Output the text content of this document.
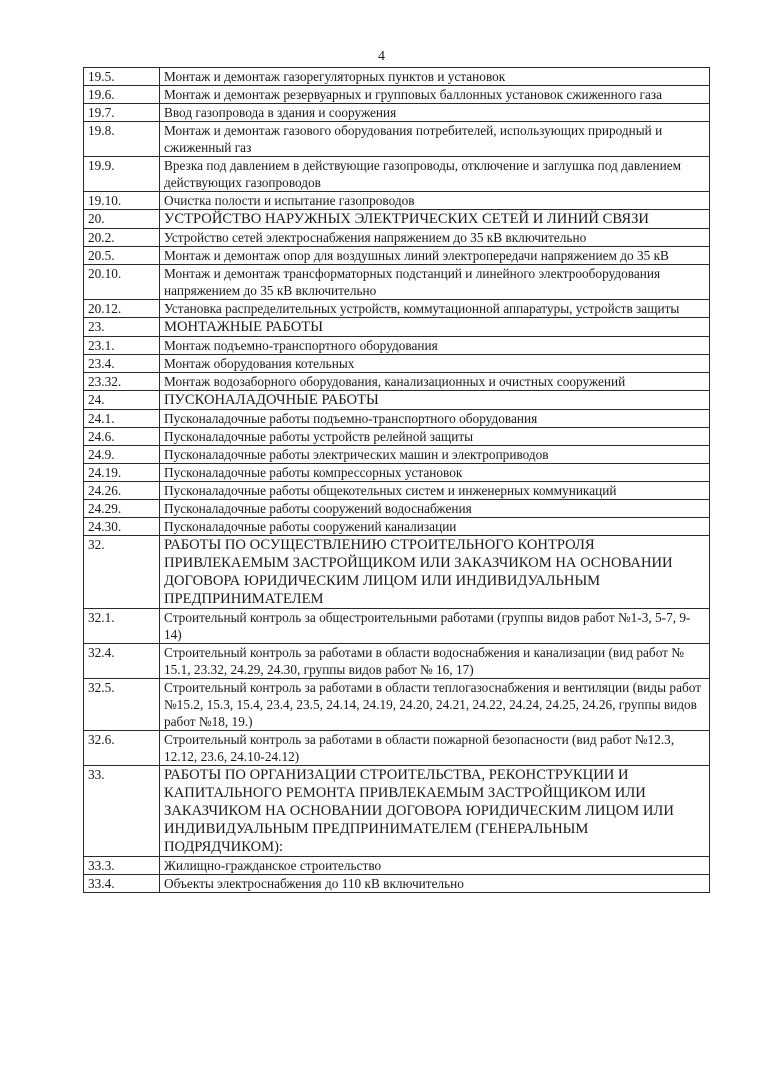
4
19.5.	Монтаж и демонтаж газорегуляторных пунктов и установок
19.6.	Монтаж и демонтаж резервуарных и групповых баллонных установок сжиженного газа
19.7.	Ввод газопровода в здания и сооружения
19.8.	Монтаж и демонтаж газового оборудования потребителей, использующих природный и сжиженный газ
19.9.	Врезка под давлением в действующие газопроводы, отключение и заглушка под давлением действующих газопроводов
19.10.	Очистка полости и испытание газопроводов
20.	УСТРОЙСТВО НАРУЖНЫХ ЭЛЕКТРИЧЕСКИХ СЕТЕЙ И ЛИНИЙ СВЯЗИ
20.2.	Устройство сетей электроснабжения напряжением до 35 кВ включительно
20.5.	Монтаж и демонтаж опор для воздушных линий электропередачи напряжением до 35 кВ
20.10.	Монтаж и демонтаж трансформаторных подстанций и линейного электрооборудования напряжением до 35 кВ включительно
20.12.	Установка распределительных устройств, коммутационной аппаратуры, устройств защиты
23.	МОНТАЖНЫЕ РАБОТЫ
23.1.	Монтаж подъемно-транспортного оборудования
23.4.	Монтаж оборудования котельных
23.32.	Монтаж водозаборного оборудования, канализационных и очистных сооружений
24.	ПУСКОНАЛАДОЧНЫЕ РАБОТЫ
24.1.	Пусконаладочные работы подъемно-транспортного оборудования
24.6.	Пусконаладочные работы устройств релейной защиты
24.9.	Пусконаладочные работы электрических машин и электроприводов
24.19.	Пусконаладочные работы компрессорных установок
24.26.	Пусконаладочные работы общекотельных систем и инженерных коммуникаций
24.29.	Пусконаладочные работы сооружений водоснабжения
24.30.	Пусконаладочные работы сооружений канализации
32.	РАБОТЫ ПО ОСУЩЕСТВЛЕНИЮ СТРОИТЕЛЬНОГО КОНТРОЛЯ ПРИВЛЕКАЕМЫМ ЗАСТРОЙЩИКОМ ИЛИ ЗАКАЗЧИКОМ НА ОСНОВАНИИ ДОГОВОРА ЮРИДИЧЕСКИМ ЛИЦОМ ИЛИ ИНДИВИДУАЛЬНЫМ ПРЕДПРИНИМАТЕЛЕМ
32.1.	Строительный контроль за общестроительными работами (группы видов работ №1-3, 5-7, 9-14)
32.4.	Строительный контроль за работами в области водоснабжения и канализации (вид работ № 15.1, 23.32, 24.29, 24.30, группы видов работ № 16, 17)
32.5.	Строительный контроль за работами в области теплогазоснабжения и вентиляции (виды работ №15.2, 15.3, 15.4, 23.4, 23.5, 24.14, 24.19, 24.20, 24.21, 24.22, 24.24, 24.25, 24.26, группы видов работ №18, 19.)
32.6.	Строительный контроль за работами в области пожарной безопасности (вид работ №12.3, 12.12, 23.6, 24.10-24.12)
33.	РАБОТЫ ПО ОРГАНИЗАЦИИ СТРОИТЕЛЬСТВА, РЕКОНСТРУКЦИИ И КАПИТАЛЬНОГО РЕМОНТА ПРИВЛЕКАЕМЫМ ЗАСТРОЙЩИКОМ ИЛИ ЗАКАЗЧИКОМ НА ОСНОВАНИИ ДОГОВОРА ЮРИДИЧЕСКИМ ЛИЦОМ ИЛИ ИНДИВИДУАЛЬНЫМ ПРЕДПРИНИМАТЕЛЕМ (ГЕНЕРАЛЬНЫМ ПОДРЯДЧИКОМ):
33.3.	Жилищно-гражданское строительство
33.4.	Объекты электроснабжения до 110 кВ включительно
